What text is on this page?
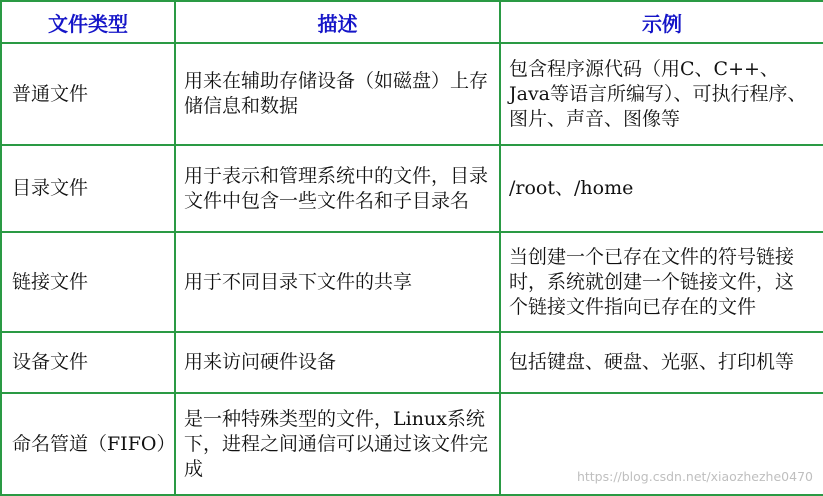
文件类型	描述	示例
普通文件	用来在辅助存储设备（如磁盘）上存储信息和数据	包含程序源代码（用C、C++、Java等语言所编写）、可执行程序、图片、声音、图像等
目录文件	用于表示和管理系统中的文件，目录文件中包含一些文件名和子目录名	/root、/home
链接文件	用于不同目录下文件的共享	当创建一个已存在文件的符号链接时，系统就创建一个链接文件，这个链接文件指向已存在的文件
设备文件	用来访问硬件设备	包括键盘、硬盘、光驱、打印机等
命名管道（FIFO）	是一种特殊类型的文件，Linux系统下，进程之间通信可以通过该文件完成		https://blog.csdn.net/xiaozhezhe0470
